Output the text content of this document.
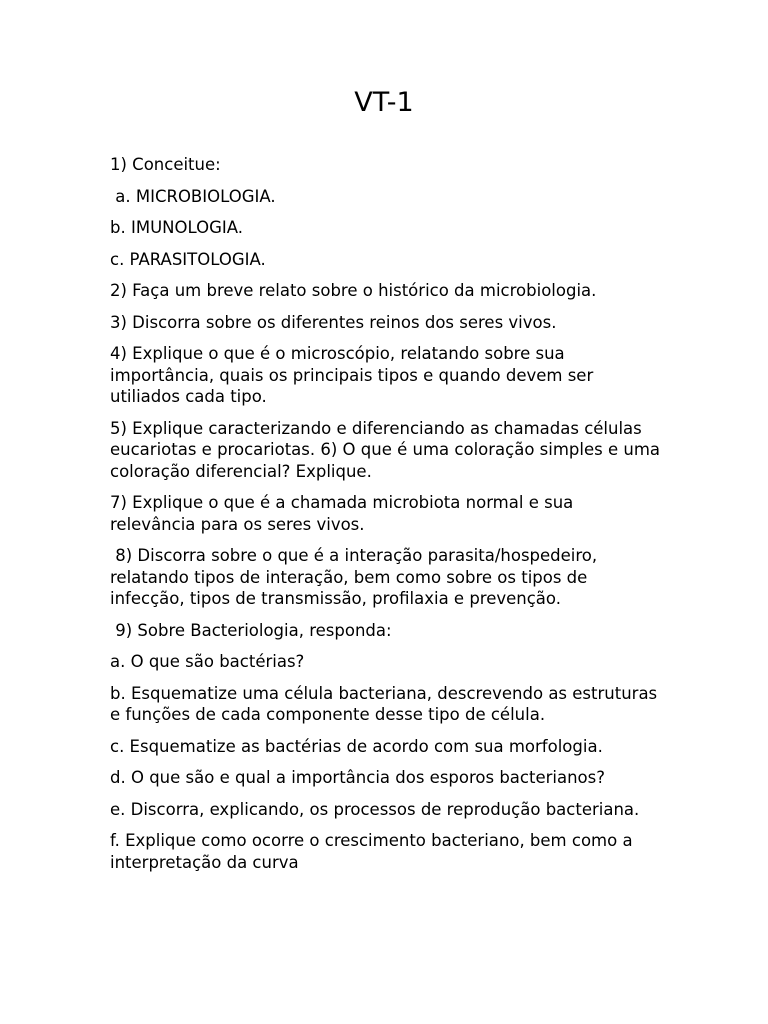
VT-1

1) Conceitue:

a. MICROBIOLOGIA.

b. IMUNOLOGIA.

c. PARASITOLOGIA.

2) Faça um breve relato sobre o histórico da microbiologia.

3) Discorra sobre os diferentes reinos dos seres vivos.

4) Explique o que é o microscópio, relatando sobre sua importância, quais os principais tipos e quando devem ser utiliados cada tipo.

5) Explique caracterizando e diferenciando as chamadas células eucariotas e procariotas. 6) O que é uma coloração simples e uma coloração diferencial? Explique.

7) Explique o que é a chamada microbiota normal e sua relevância para os seres vivos.

8) Discorra sobre o que é a interação parasita/hospedeiro, relatando tipos de interação, bem como sobre os tipos de infecção, tipos de transmissão, profilaxia e prevenção.

9) Sobre Bacteriologia, responda:

a. O que são bactérias?

b. Esquematize uma célula bacteriana, descrevendo as estruturas e funções de cada componente desse tipo de célula.

c. Esquematize as bactérias de acordo com sua morfologia.

d. O que são e qual a importância dos esporos bacterianos?

e. Discorra, explicando, os processos de reprodução bacteriana.

f. Explique como ocorre o crescimento bacteriano, bem como a interpretação da curva
